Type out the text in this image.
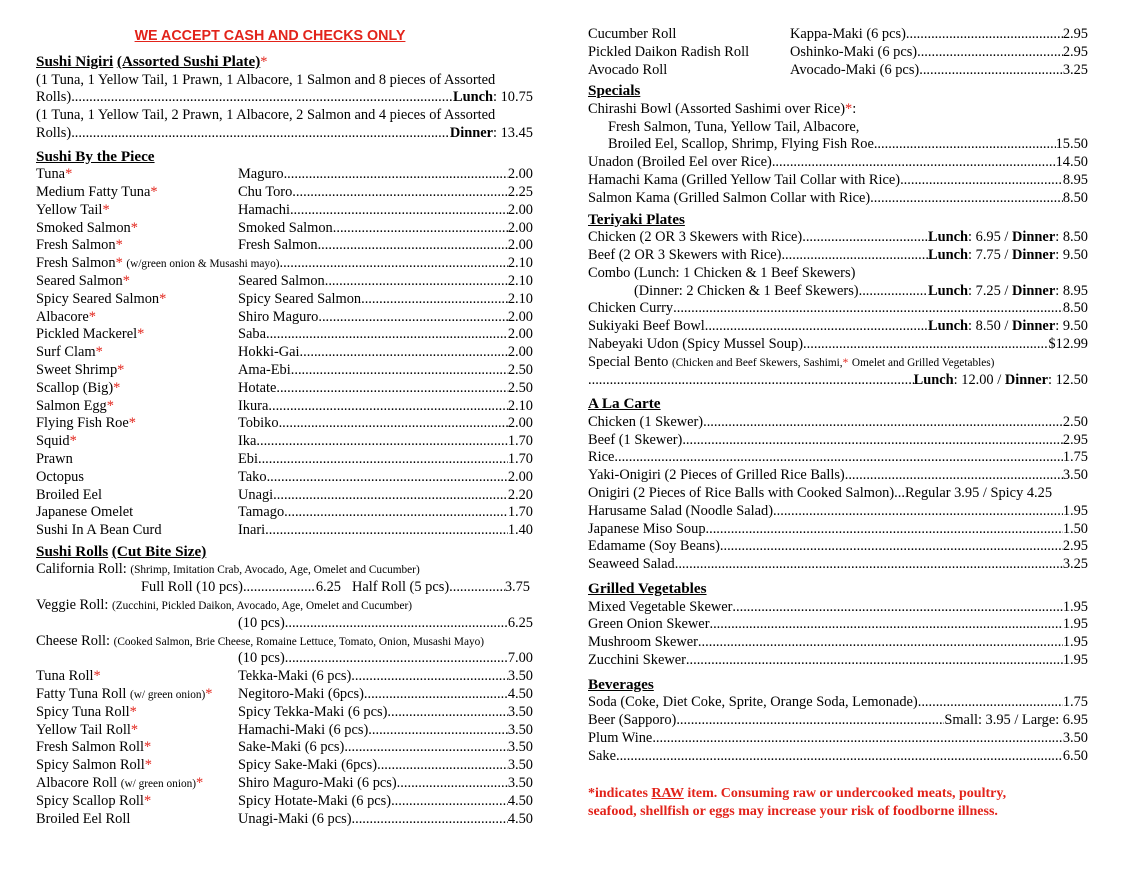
WE ACCEPT CASH AND CHECKS ONLY
Sushi Nigiri (Assorted Sushi Plate)*
(1 Tuna, 1 Yellow Tail, 1 Prawn, 1 Albacore, 1 Salmon and 8 pieces of Assorted
Rolls) .....	Lunch: 10.75
(1 Tuna, 1 Yellow Tail, 2 Prawn, 1 Albacore, 2 Salmon and 4 pieces of Assorted
Rolls) .....	Dinner: 13.45
Sushi By the Piece
Tuna*	Maguro .....	2.00
Medium Fatty Tuna*	Chu Toro .....	2.25
Yellow Tail*	Hamachi .....	2.00
Smoked Salmon*	Smoked Salmon .....	2.00
Fresh Salmon*	Fresh Salmon .....	2.00
Fresh Salmon *
(w/green onion & Musashi mayo) .....	2.10
Seared Salmon*	Seared Salmon .....	2.10
Spicy Seared Salmon*	Spicy Seared Salmon .....	2.10
Albacore*	Shiro Maguro .....	2.00
Pickled Mackerel*	Saba .....	2.00
Surf Clam*	Hokki-Gai .....	2.00
Sweet Shrimp*	Ama-Ebi .....	2.50
Scallop (Big)*	Hotate .....	2.50
Salmon Egg*	Ikura .....	2.10
Flying Fish Roe*	Tobiko .....	2.00
Squid*	Ika .....	1.70
Prawn	Ebi .....	1.70
Octopus	Tako .....	2.00
Broiled Eel	Unagi .....	2.20
Japanese Omelet	Tamago .....	1.70
Sushi In A Bean Curd	Inari .....	1.40
Sushi Rolls (Cut Bite Size)
California Roll: (Shrimp, Imitation Crab, Avocado, Age, Omelet and Cucumber)
Full Roll (10 pcs) .....	6.25 Half Roll (5 pcs) .....	3.75
Veggie Roll: (Zucchini, Pickled Daikon, Avocado, Age, Omelet and Cucumber)
(10 pcs) .....	6.25
Cheese Roll: (Cooked Salmon, Brie Cheese, Romaine Lettuce, Tomato, Onion, Musashi Mayo)
(10 pcs) .....	7.00
Tuna Roll*	Tekka-Maki (6 pcs) .....	3.50
Fatty Tuna Roll (w/ green onion)* Negitoro-Maki (6pcs) .....	4.50
Spicy Tuna Roll*	Spicy Tekka-Maki (6 pcs) .....	3.50
Yellow Tail Roll*	Hamachi-Maki (6 pcs) .....	3.50
Fresh Salmon Roll*	Sake-Maki (6 pcs) .....	3.50
Spicy Salmon Roll*	Spicy Sake-Maki (6pcs) .....	3.50
Albacore Roll (w/ green onion)* Shiro Maguro-Maki (6 pcs) .....	3.50
Spicy Scallop Roll*	Spicy Hotate-Maki (6 pcs) .....	4.50
Broiled Eel Roll	Unagi-Maki (6 pcs) .....	4.50
Cucumber Roll	Kappa-Maki (6 pcs) .....	2.95
Pickled Daikon Radish Roll	Oshinko-Maki (6 pcs) .....	2.95
Avocado Roll	Avocado-Maki (6 pcs) .....	3.25
Specials
Chirashi Bowl (Assorted Sashimi over Rice)*:
Fresh Salmon, Tuna, Yellow Tail, Albacore,
Broiled Eel, Scallop, Shrimp, Flying Fish Roe .....	15.50
Unadon (Broiled Eel over Rice) .....	14.50
Hamachi Kama (Grilled Yellow Tail Collar with Rice) .....	8.95
Salmon Kama (Grilled Salmon Collar with Rice) .....	8.50
Teriyaki Plates
Chicken (2 OR 3 Skewers with Rice) .....	Lunch: 6.95 / Dinner: 8.50
Beef (2 OR 3 Skewers with Rice) .....	Lunch: 7.75 / Dinner: 9.50
Combo (Lunch: 1 Chicken & 1 Beef Skewers)
(Dinner: 2 Chicken & 1 Beef Skewers) .....	Lunch: 7.25 / Dinner: 8.95
Chicken Curry .....	8.50
Sukiyaki Beef Bowl .....	Lunch: 8.50 / Dinner: 9.50
Nabeyaki Udon (Spicy Mussel Soup) .....	$12.99
Special Bento (Chicken and Beef Skewers, Sashimi,* Omelet and Grilled Vegetables)
.....
Lunch: 12.00 / Dinner: 12.50
A La Carte
Chicken (1 Skewer) .....	2.50
Beef (1 Skewer) .....	2.95
Rice .....	1.75
Yaki-Onigiri (2 Pieces of Grilled Rice Balls) .....	3.50
Onigiri (2 Pieces of Rice Balls with Cooked Salmon)...Regular 3.95 / Spicy 4.25
Harusame Salad (Noodle Salad) .....	1.95
Japanese Miso Soup .....	1.50
Edamame (Soy Beans) .....	2.95
Seaweed Salad .....	3.25
Grilled Vegetables
Mixed Vegetable Skewer .....	1.95
Green Onion Skewer .....	1.95
Mushroom Skewer .....	1.95
Zucchini Skewer .....	1.95
Beverages
Soda (Coke, Diet Coke, Sprite, Orange Soda, Lemonade) .....	1.75
Beer (Sapporo) .....	Small: 3.95 / Large: 6.95
Plum Wine .....	3.50
Sake .....	6.50
*indicates RAW item. Consuming raw or undercooked meats, poultry,
seafood, shellfish or eggs may increase your risk of foodborne illness.
